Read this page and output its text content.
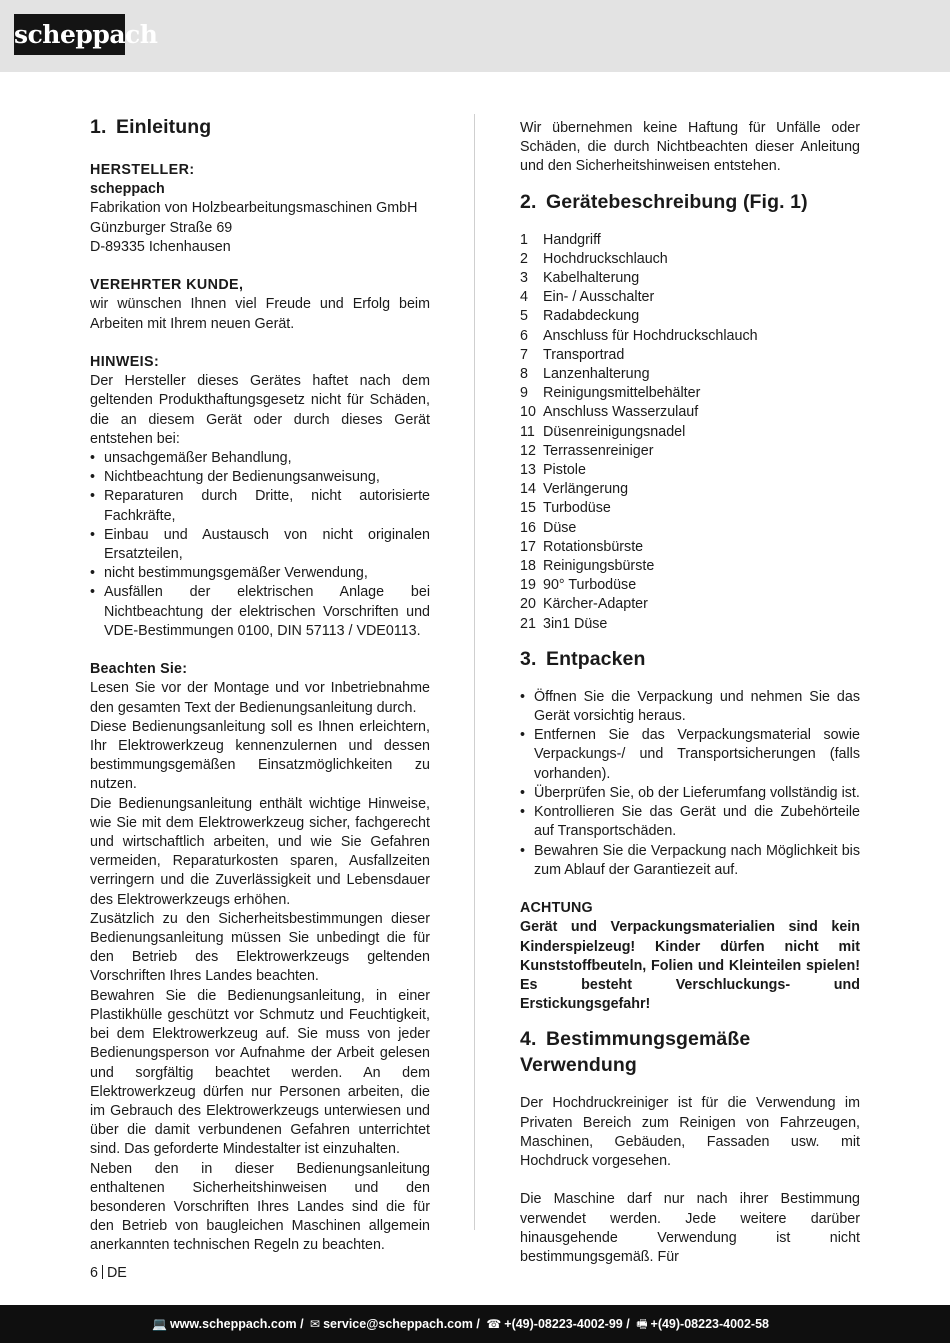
scheppach
1. Einleitung
HERSTELLER:
scheppach
Fabrikation von Holzbearbeitungsmaschinen GmbH
Günzburger Straße 69
D-89335 Ichenhausen
VEREHRTER KUNDE,
wir wünschen Ihnen viel Freude und Erfolg beim Arbeiten mit Ihrem neuen Gerät.
HINWEIS:
Der Hersteller dieses Gerätes haftet nach dem geltenden Produkthaftungsgesetz nicht für Schäden, die an diesem Gerät oder durch dieses Gerät entstehen bei:
• unsachgemäßer Behandlung,
• Nichtbeachtung der Bedienungsanweisung,
• Reparaturen durch Dritte, nicht autorisierte Fachkräfte,
• Einbau und Austausch von nicht originalen Ersatzteilen,
• nicht bestimmungsgemäßer Verwendung,
• Ausfällen der elektrischen Anlage bei Nichtbeachtung der elektrischen Vorschriften und VDE-Bestimmungen 0100, DIN 57113 / VDE0113.
Beachten Sie:
Lesen Sie vor der Montage und vor Inbetriebnahme den gesamten Text der Bedienungsanleitung durch.
Diese Bedienungsanleitung soll es Ihnen erleichtern, Ihr Elektrowerkzeug kennenzulernen und dessen bestimmungsgemäßen Einsatzmöglichkeiten zu nutzen.
Die Bedienungsanleitung enthält wichtige Hinweise, wie Sie mit dem Elektrowerkzeug sicher, fachgerecht und wirtschaftlich arbeiten, und wie Sie Gefahren vermeiden, Reparaturkosten sparen, Ausfallzeiten verringern und die Zuverlässigkeit und Lebensdauer des Elektrowerkzeugs erhöhen.
Zusätzlich zu den Sicherheitsbestimmungen dieser Bedienungsanleitung müssen Sie unbedingt die für den Betrieb des Elektrowerkzeugs geltenden Vorschriften Ihres Landes beachten.
Bewahren Sie die Bedienungsanleitung, in einer Plastikhülle geschützt vor Schmutz und Feuchtigkeit, bei dem Elektrowerkzeug auf. Sie muss von jeder Bedienungsperson vor Aufnahme der Arbeit gelesen und sorgfältig beachtet werden. An dem Elektrowerkzeug dürfen nur Personen arbeiten, die im Gebrauch des Elektrowerkzeugs unterwiesen und über die damit verbundenen Gefahren unterrichtet sind. Das geforderte Mindestalter ist einzuhalten.
Neben den in dieser Bedienungsanleitung enthaltenen Sicherheitshinweisen und den besonderen Vorschriften Ihres Landes sind die für den Betrieb von baugleichen Maschinen allgemein anerkannten technischen Regeln zu beachten.
Wir übernehmen keine Haftung für Unfälle oder Schäden, die durch Nichtbeachten dieser Anleitung und den Sicherheitshinweisen entstehen.
2. Gerätebeschreibung (Fig. 1)
1	Handgriff
2	Hochdruckschlauch
3	Kabelhalterung
4	Ein- / Ausschalter
5	Radabdeckung
6	Anschluss für Hochdruckschlauch
7	Transportrad
8	Lanzenhalterung
9	Reinigungsmittelbehälter
10 Anschluss Wasserzulauf
11 Düsenreinigungsnadel
12 Terrassenreiniger
13 Pistole
14 Verlängerung
15 Turbodüse
16 Düse
17 Rotationsbürste
18 Reinigungsbürste
19 90° Turbodüse
20 Kärcher-Adapter
21 3in1 Düse
3. Entpacken
• Öffnen Sie die Verpackung und nehmen Sie das Gerät vorsichtig heraus.
• Entfernen Sie das Verpackungsmaterial sowie Verpackungs-/ und Transportsicherungen (falls vorhanden).
• Überprüfen Sie, ob der Lieferumfang vollständig ist.
• Kontrollieren Sie das Gerät und die Zubehörteile auf Transportschäden.
• Bewahren Sie die Verpackung nach Möglichkeit bis zum Ablauf der Garantiezeit auf.
ACHTUNG
Gerät und Verpackungsmaterialien sind kein Kinderspielzeug! Kinder dürfen nicht mit Kunststoffbeuteln, Folien und Kleinteilen spielen! Es besteht Verschluckungs- und Erstickungsgefahr!
4. Bestimmungsgemäße Verwendung
Der Hochdruckreiniger ist für die Verwendung im Privaten Bereich zum Reinigen von Fahrzeugen, Maschinen, Gebäuden, Fassaden usw. mit Hochdruck vorgesehen.
Die Maschine darf nur nach ihrer Bestimmung verwendet werden. Jede weitere darüber hinausgehende Verwendung ist nicht bestimmungsgemäß. Für
6 DE
💻 www.scheppach.com / ✉ service@scheppach.com / ☎ +(49)-08223-4002-99 / 🖷 +(49)-08223-4002-58
